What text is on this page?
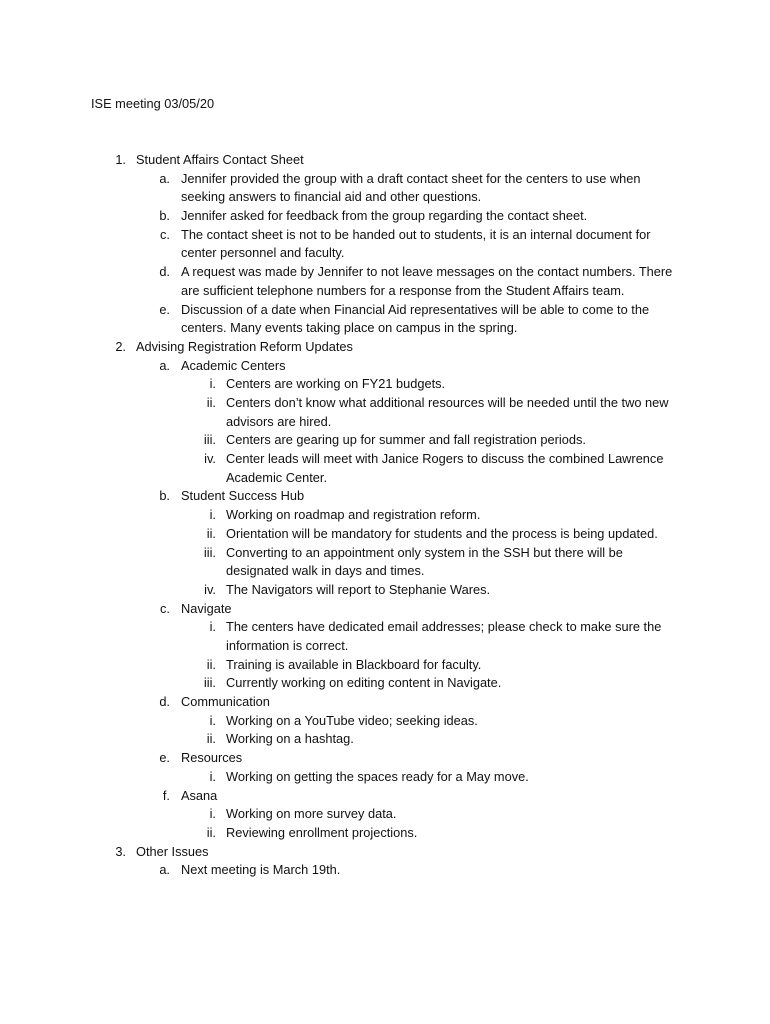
ISE meeting 03/05/20
1. Student Affairs Contact Sheet
a. Jennifer provided the group with a draft contact sheet for the centers to use when
seeking answers to financial aid and other questions.
b. Jennifer asked for feedback from the group regarding the contact sheet.
c. The contact sheet is not to be handed out to students, it is an internal document for
center personnel and faculty.
d. A request was made by Jennifer to not leave messages on the contact numbers. There
are sufficient telephone numbers for a response from the Student Affairs team.
e. Discussion of a date when Financial Aid representatives will be able to come to the
centers. Many events taking place on campus in the spring.
2. Advising Registration Reform Updates
a. Academic Centers
i. Centers are working on FY21 budgets.
ii. Centers don’t know what additional resources will be needed until the two new
advisors are hired.
iii. Centers are gearing up for summer and fall registration periods.
iv. Center leads will meet with Janice Rogers to discuss the combined Lawrence
Academic Center.
b. Student Success Hub
i. Working on roadmap and registration reform.
ii. Orientation will be mandatory for students and the process is being updated.
iii. Converting to an appointment only system in the SSH but there will be
designated walk in days and times.
iv. The Navigators will report to Stephanie Wares.
c. Navigate
i. The centers have dedicated email addresses; please check to make sure the
information is correct.
ii. Training is available in Blackboard for faculty.
iii. Currently working on editing content in Navigate.
d. Communication
i. Working on a YouTube video; seeking ideas.
ii. Working on a hashtag.
e. Resources
i. Working on getting the spaces ready for a May move.
f. Asana
i. Working on more survey data.
ii. Reviewing enrollment projections.
3. Other Issues
a. Next meeting is March 19th.
